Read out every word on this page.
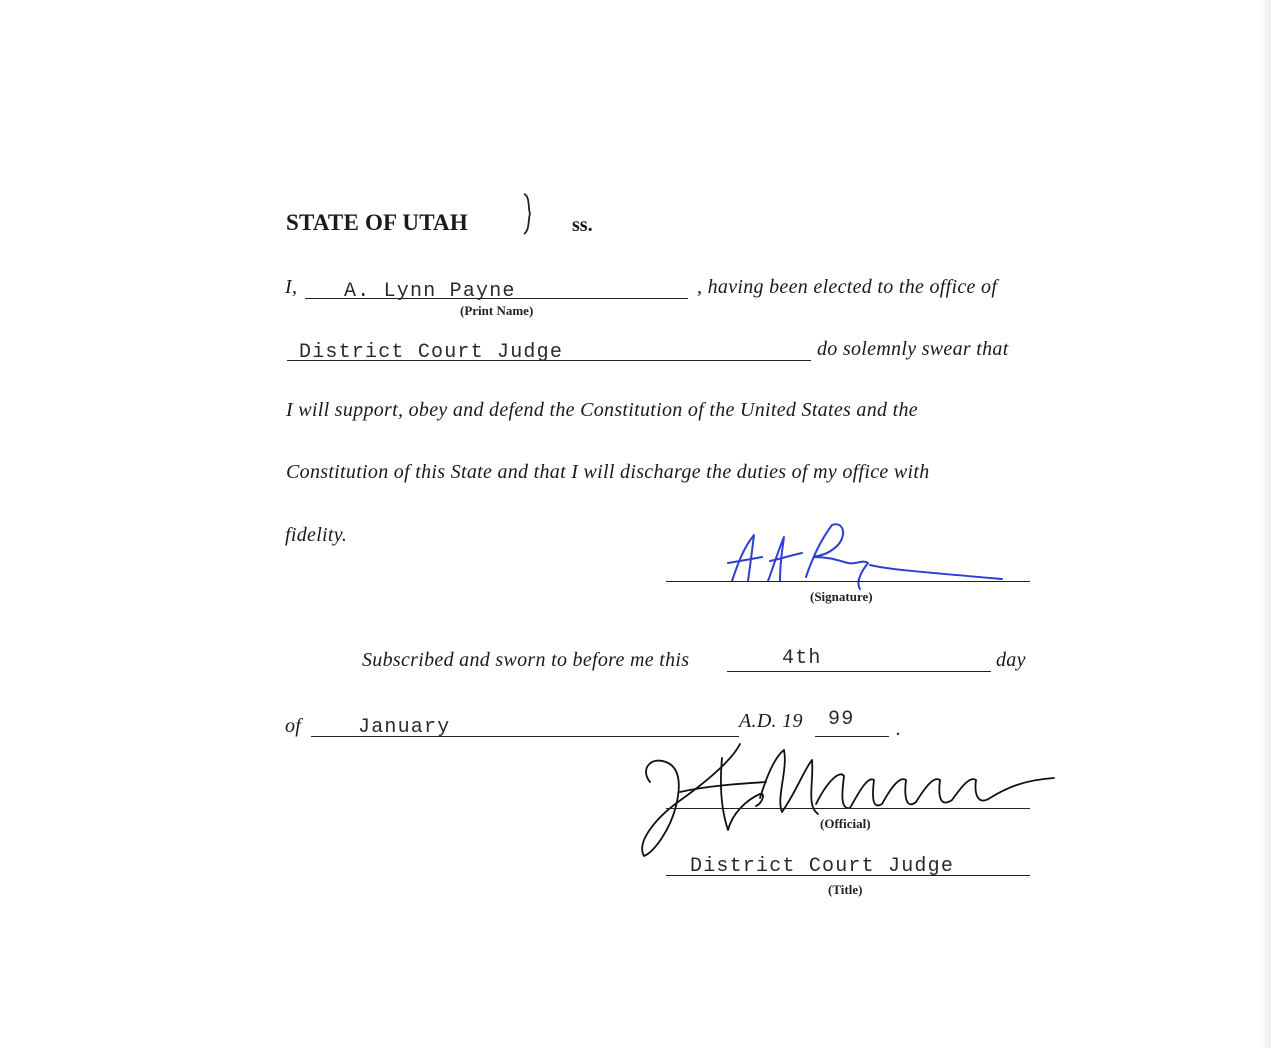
STATE OF UTAH	ss.
I, A. Lynn Payne
(Print Name)
, having been elected to the office of
District Court Judge	do solemnly swear that
I will support, obey and defend the Constitution of the United States and the
Constitution of this State and that I will discharge the duties of my office with
fidelity.
(Signature)
Subscribed and sworn to before me this	4th	day
of	January	A.D. 19 99 .
(Official)
District Court Judge
(Title)
